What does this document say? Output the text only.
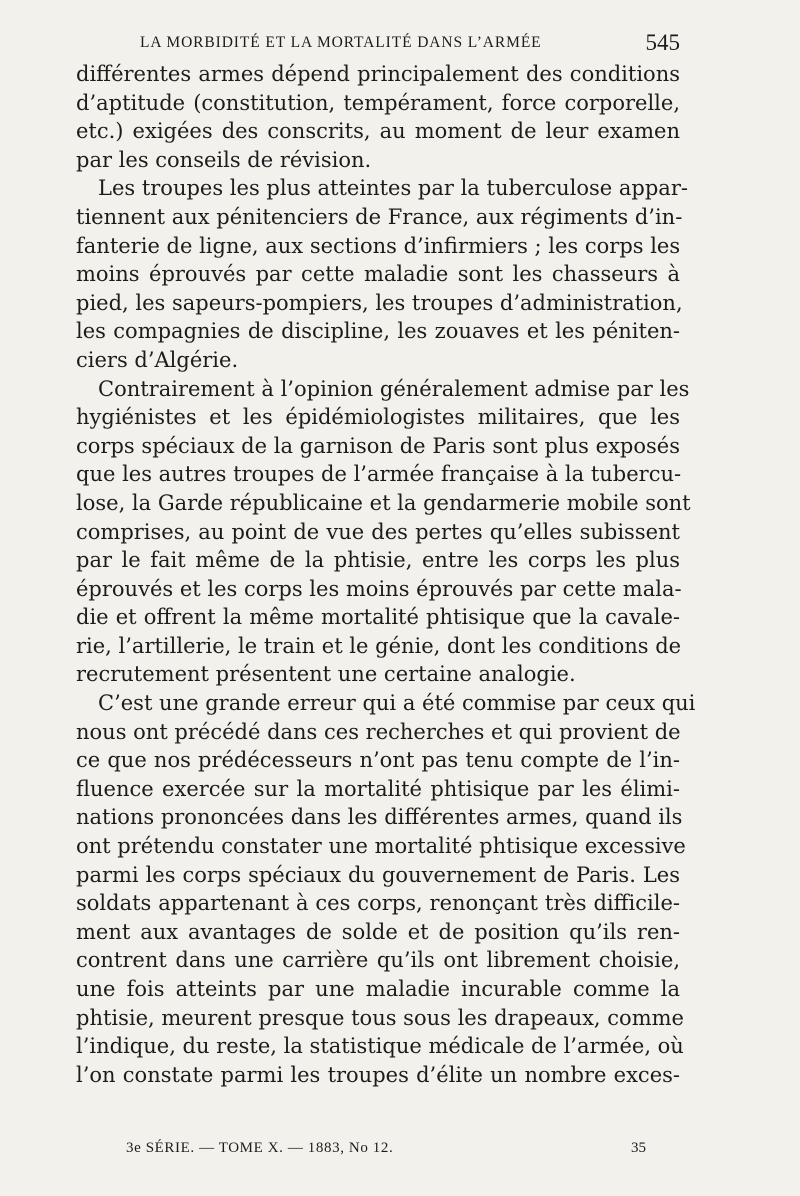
LA MORBIDITÉ ET LA MORTALITÉ DANS L’ARMÉE	545
différentes armes dépend principalement des conditions
d’aptitude (constitution, tempérament, force corporelle,
etc.) exigées des conscrits, au moment de leur examen
par les conseils de révision.
Les troupes les plus atteintes par la tuberculose appar-
tiennent aux pénitenciers de France, aux régiments d’in-
fanterie de ligne, aux sections d’infirmiers ; les corps les
moins éprouvés par cette maladie sont les chasseurs à
pied, les sapeurs-pompiers, les troupes d’administration,
les compagnies de discipline, les zouaves et les péniten-
ciers d’Algérie.
Contrairement à l’opinion généralement admise par les
hygiénistes et les épidémiologistes militaires, que les
corps spéciaux de la garnison de Paris sont plus exposés
que les autres troupes de l’armée française à la tubercu-
lose, la Garde républicaine et la gendarmerie mobile sont
comprises, au point de vue des pertes qu’elles subissent
par le fait même de la phtisie, entre les corps les plus
éprouvés et les corps les moins éprouvés par cette mala-
die et offrent la même mortalité phtisique que la cavale-
rie, l’artillerie, le train et le génie, dont les conditions de
recrutement présentent une certaine analogie.
C’est une grande erreur qui a été commise par ceux qui
nous ont précédé dans ces recherches et qui provient de
ce que nos prédécesseurs n’ont pas tenu compte de l’in-
fluence exercée sur la mortalité phtisique par les élimi-
nations prononcées dans les différentes armes, quand ils
ont prétendu constater une mortalité phtisique excessive
parmi les corps spéciaux du gouvernement de Paris. Les
soldats appartenant à ces corps, renonçant très difficile-
ment aux avantages de solde et de position qu’ils ren-
contrent dans une carrière qu’ils ont librement choisie,
une fois atteints par une maladie incurable comme la
phtisie, meurent presque tous sous les drapeaux, comme
l’indique, du reste, la statistique médicale de l’armée, où
l’on constate parmi les troupes d’élite un nombre exces-
3e SÉRIE. — TOME X. — 1883, No 12.	35
